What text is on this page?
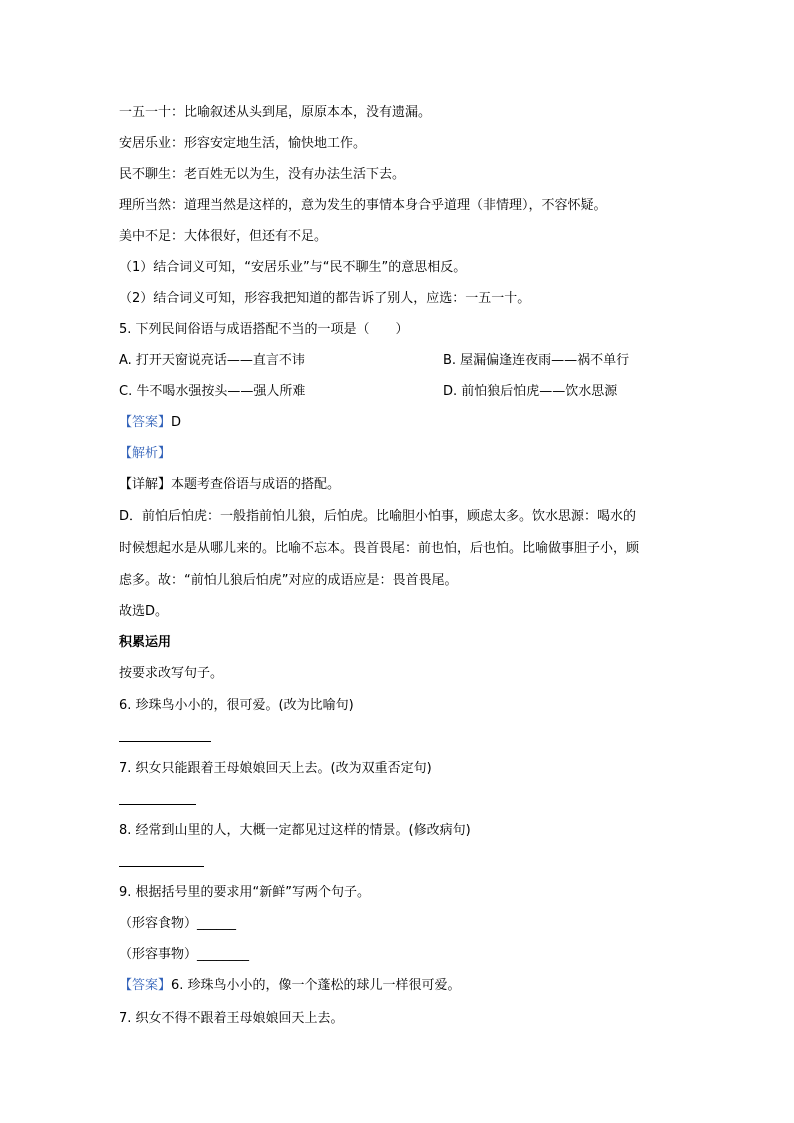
一五一十：比喻叙述从头到尾，原原本本，没有遗漏。
安居乐业：形容安定地生活，愉快地工作。
民不聊生：老百姓无以为生，没有办法生活下去。
理所当然：道理当然是这样的，意为发生的事情本身合乎道理（非情理），不容怀疑。
美中不足：大体很好，但还有不足。
（1）结合词义可知，“安居乐业”与“民不聊生”的意思相反。
（2）结合词义可知，形容我把知道的都告诉了别人，应选：一五一十。
5. 下列民间俗语与成语搭配不当的一项是（　　）
A. 打开天窗说亮话——直言不讳	B. 屋漏偏逢连夜雨——祸不单行
C. 牛不喝水强按头——强人所难	D. 前怕狼后怕虎——饮水思源
【答案】D
【解析】
【详解】本题考查俗语与成语的搭配。
D．前怕后怕虎：一般指前怕儿狼，后怕虎。比喻胆小怕事，顾虑太多。饮水思源：喝水的
时候想起水是从哪儿来的。比喻不忘本。畏首畏尾：前也怕，后也怕。比喻做事胆子小，顾
虑多。故：“前怕儿狼后怕虎”对应的成语应是：畏首畏尾。
故选D。
积累运用
按要求改写句子。
6. 珍珠鸟小小的，很可爱。(改为比喻句)
7. 织女只能跟着王母娘娘回天上去。(改为双重否定句)
8. 经常到山里的人，大概一定都见过这样的情景。(修改病句)
9. 根据括号里的要求用“新鲜”写两个句子。
（形容食物）______
（形容事物）________
【答案】6. 珍珠鸟小小的，像一个蓬松的球儿一样很可爱。
7. 织女不得不跟着王母娘娘回天上去。
